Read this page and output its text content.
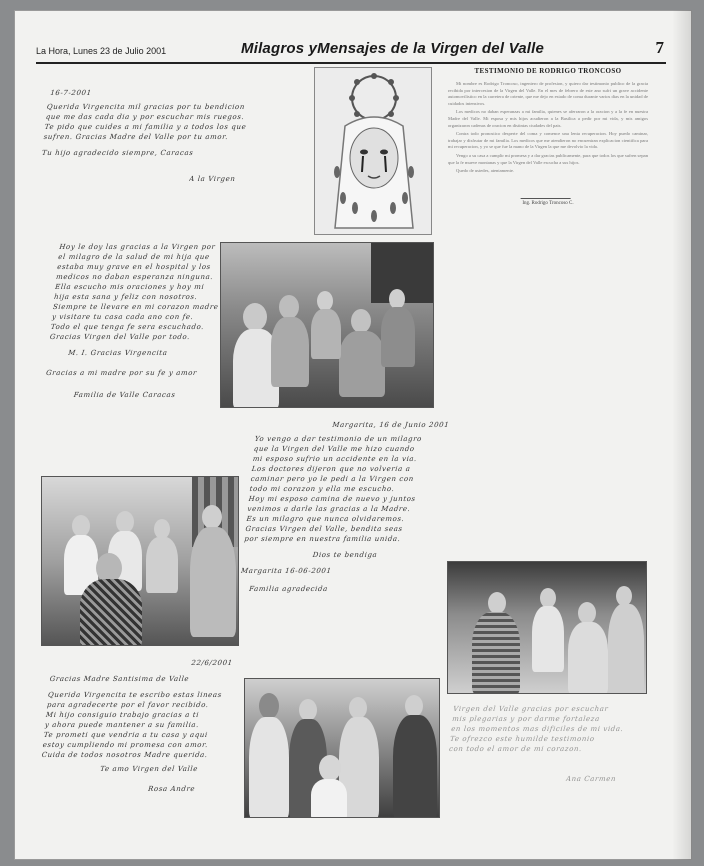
La Hora, Lunes 23 de Julio 2001	Milagros yMensajes de la Virgen del Valle	7
16-7-2001
Querida Virgencita mil gracias por tu bendicion
que me das cada dia y por escuchar mis ruegos.
Te pido que cuides a mi familia y a todos los que
sufren. Gracias Madre del Valle por tu amor.
Tu hijo agradecido siempre, Caracas
A la Virgen
TESTIMONIO DE RODRIGO TRONCOSO

Mi nombre es Rodrigo Troncoso, ingeniero de profesion, y quiero dar testimonio publico de la gracia recibida por intercesion de la Virgen del Valle. En el mes de febrero de este ano sufri un grave accidente automovilistico en la carretera de oriente, que me dejo en estado de coma durante varios dias en la unidad de cuidados intensivos.

Los medicos no daban esperanzas a mi familia, quienes se aferraron a la oracion y a la fe en nuestra Madre del Valle. Mi esposa y mis hijos acudieron a la Basilica a pedir por mi vida, y mis amigos organizaron cadenas de oracion en distintas ciudades del pais.

Contra todo pronostico desperte del coma y comence una lenta recuperacion. Hoy puedo caminar, trabajar y disfrutar de mi familia. Los medicos que me atendieron no encuentran explicacion cientifica para mi recuperacion, y yo se que fue la mano de la Virgen la que me devolvio la vida.

Vengo a su casa a cumplir mi promesa y a dar gracias publicamente, para que todos los que sufren sepan que la fe mueve montanas y que la Virgen del Valle escucha a sus hijos.

Quedo de ustedes, atentamente.

Ing. Rodrigo Troncoso C.
Hoy le doy las gracias a la Virgen por
el milagro de la salud de mi hija que
estaba muy grave en el hospital y los
medicos no daban esperanza ninguna.
Ella escucho mis oraciones y hoy mi
hija esta sana y feliz con nosotros.
Siempre te llevare en mi corazon madre
y visitare tu casa cada ano con fe.
Todo el que tenga fe sera escuchado.
Gracias Virgen del Valle por todo.
M. I. Gracias Virgencita
Gracias a mi madre por su fe y amor
Familia de Valle Caracas
Margarita, 16 de Junio 2001
Yo vengo a dar testimonio de un milagro
que la Virgen del Valle me hizo cuando
mi esposo sufrio un accidente en la via.
Los doctores dijeron que no volveria a
caminar pero yo le pedi a la Virgen con
todo mi corazon y ella me escucho.
Hoy mi esposo camina de nuevo y juntos
venimos a darle las gracias a la Madre.
Es un milagro que nunca olvidaremos.
Gracias Virgen del Valle, bendita seas
por siempre en nuestra familia unida.
Dios te bendiga
Margarita 16-06-2001
Familia agradecida
22/6/2001
Gracias Madre Santisima de Valle
Querida Virgencita te escribo estas lineas
para agradecerte por el favor recibido.
Mi hijo consiguio trabajo gracias a ti
y ahora puede mantener a su familia.
Te prometi que vendria a tu casa y aqui
estoy cumpliendo mi promesa con amor.
Cuida de todos nosotros Madre querida.
Te amo Virgen del Valle
Rosa Andre
Virgen del Valle gracias por escuchar
mis plegarias y por darme fortaleza
en los momentos mas dificiles de mi vida.
Te ofrezco este humilde testimonio
con todo el amor de mi corazon.
Ana Carmen
